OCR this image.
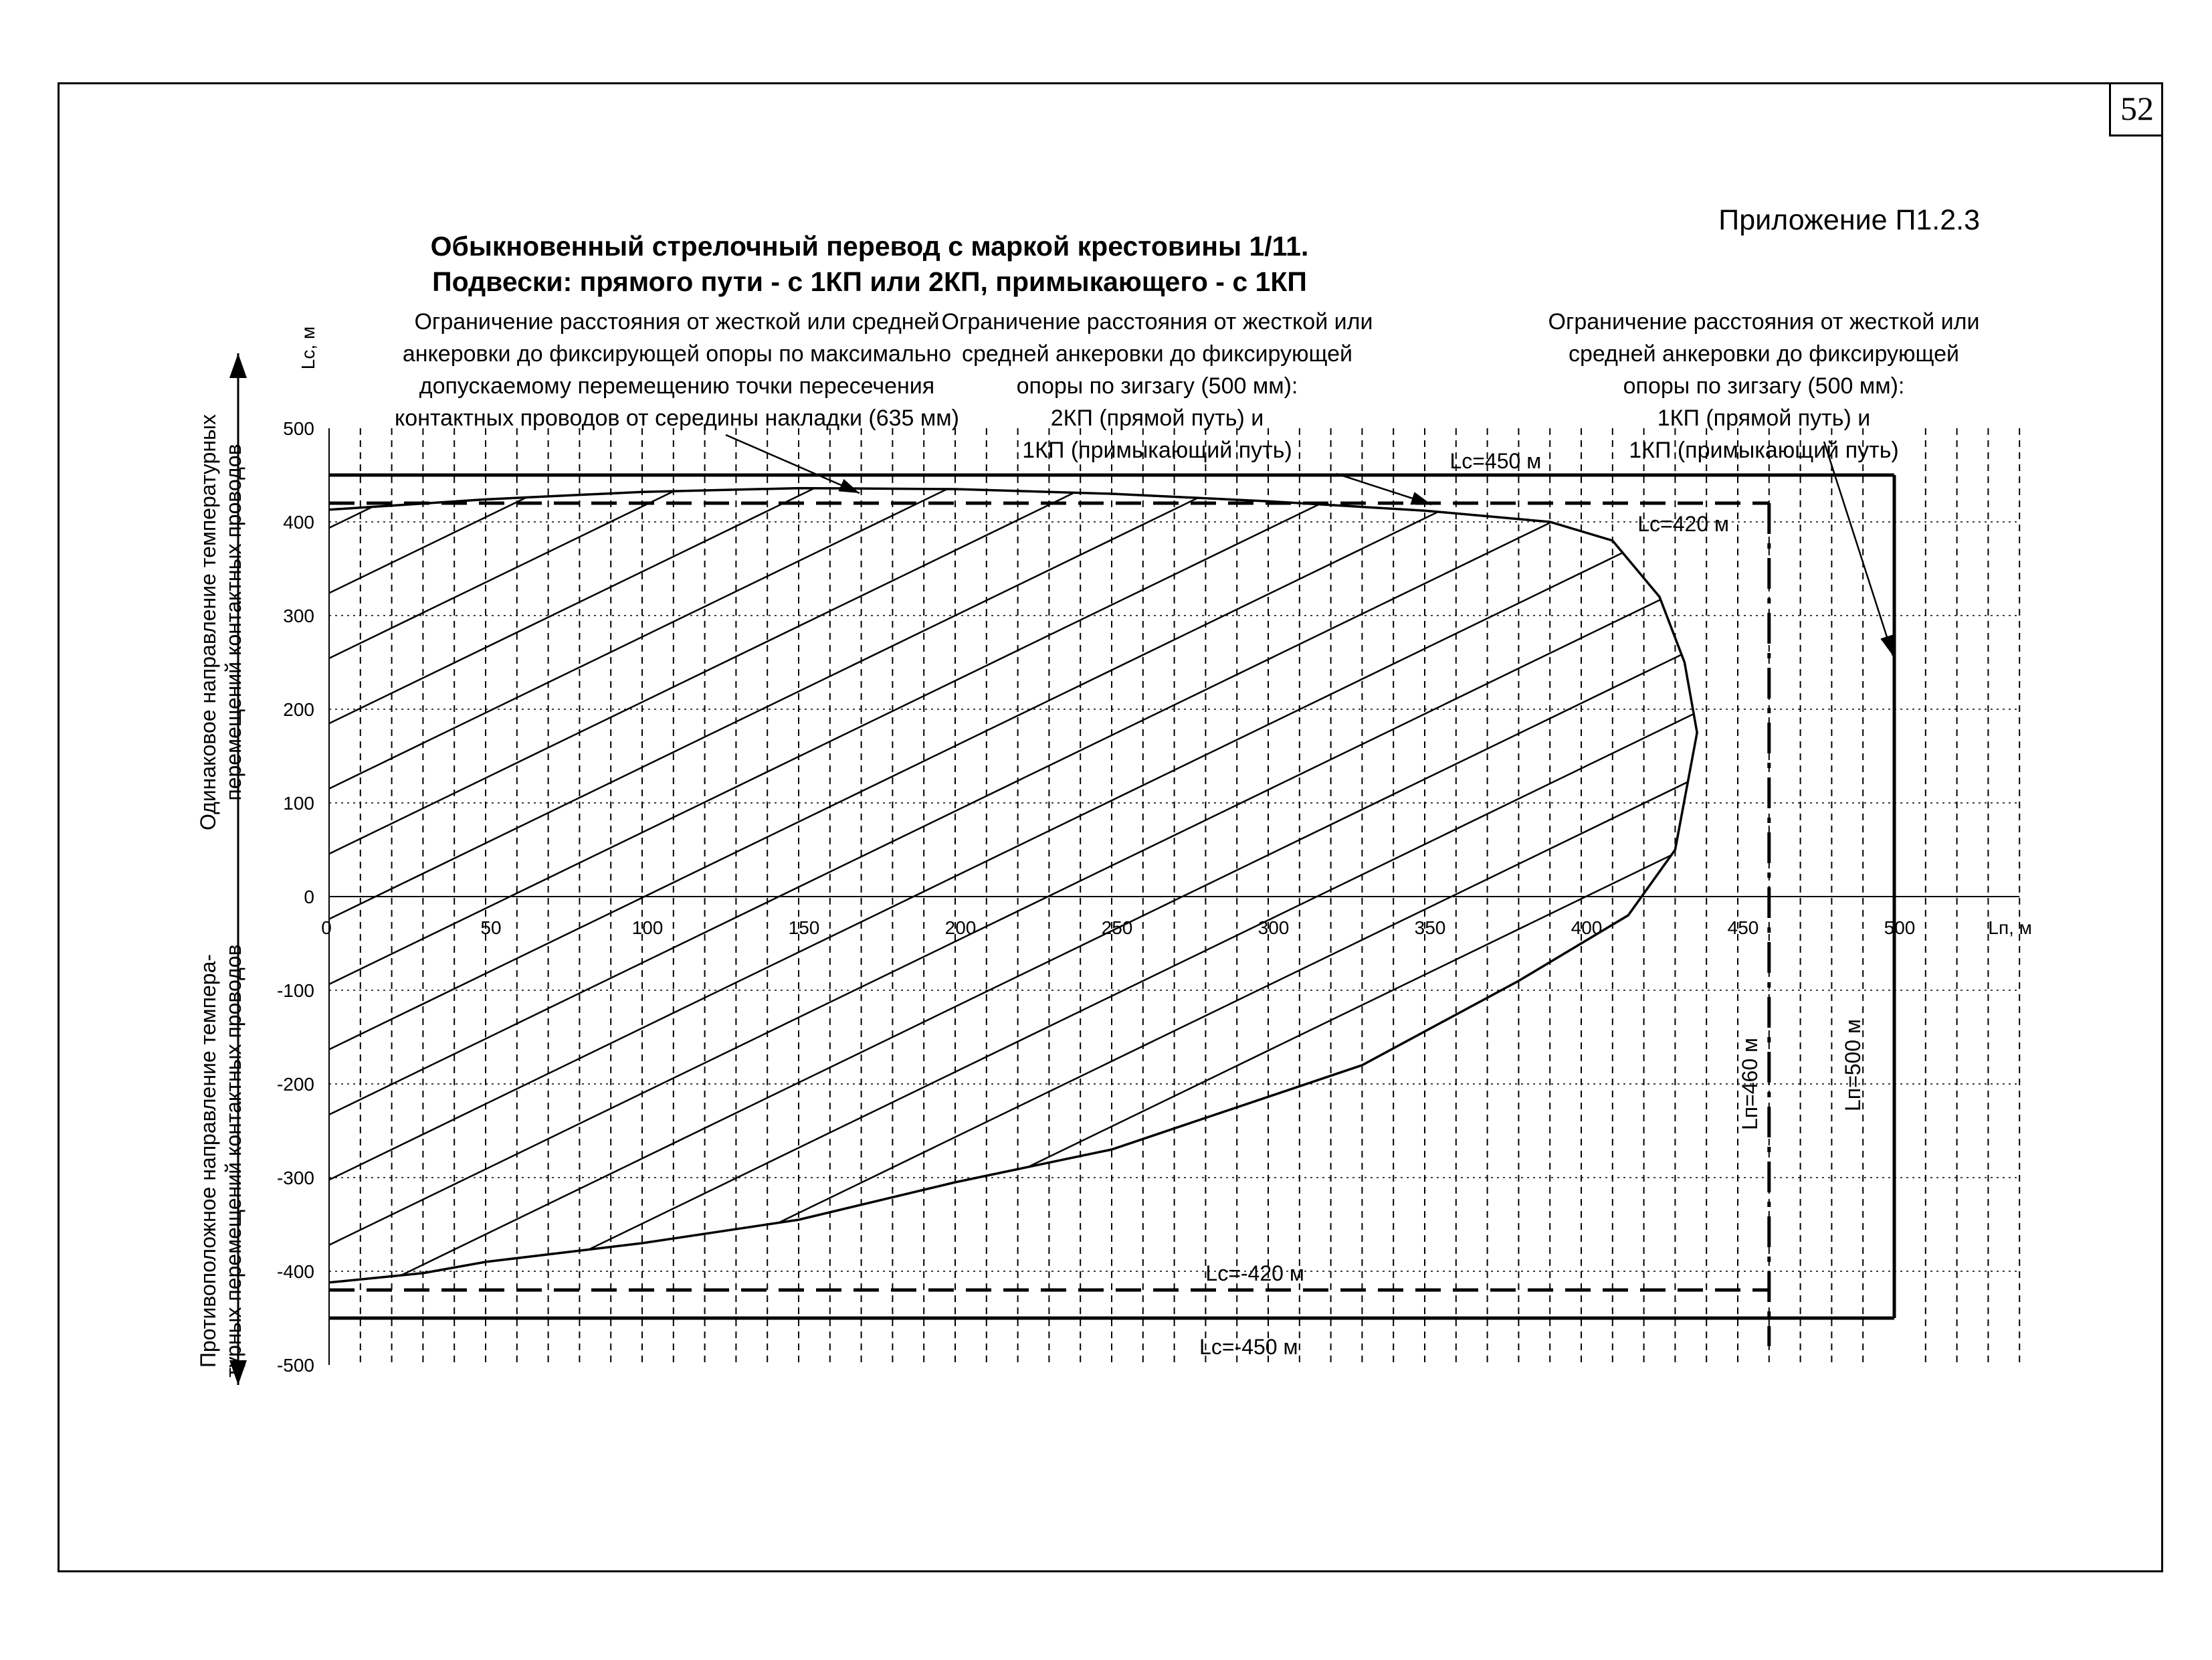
52
Приложение П1.2.3
Обыкновенный стрелочный перевод с маркой крестовины 1/11.
Подвески: прямого пути - с 1КП или 2КП, примыкающего - с 1КП
Lc=450 м
Lc=420 м
Lc=-420 м
Lc=-450 м
Lп=460 м	Lп=500 м
0	50	100	150	200	250	300	350	400	450	500	Lп, м
500
400
300
200
100
0
-100
-200
-300
-400
-500
Lс, м
Одинаковое направление температурных перемещений контактных проводов
Противоположное направление темпера- турных перемещений контактных проводов
Ограничение расстояния от жесткой или средней
анкеровки до фиксирующей опоры по максимально
допускаемому перемещению точки пересечения
контактных проводов от середины накладки (635 мм)
Ограничение расстояния от жесткой или
средней анкеровки до фиксирующей
опоры по зигзагу (500 мм):
2КП (прямой путь) и
1КП (примыкающий путь)
Ограничение расстояния от жесткой или
средней анкеровки до фиксирующей
опоры по зигзагу (500 мм):
1КП (прямой путь) и
1КП (примыкающий путь)
